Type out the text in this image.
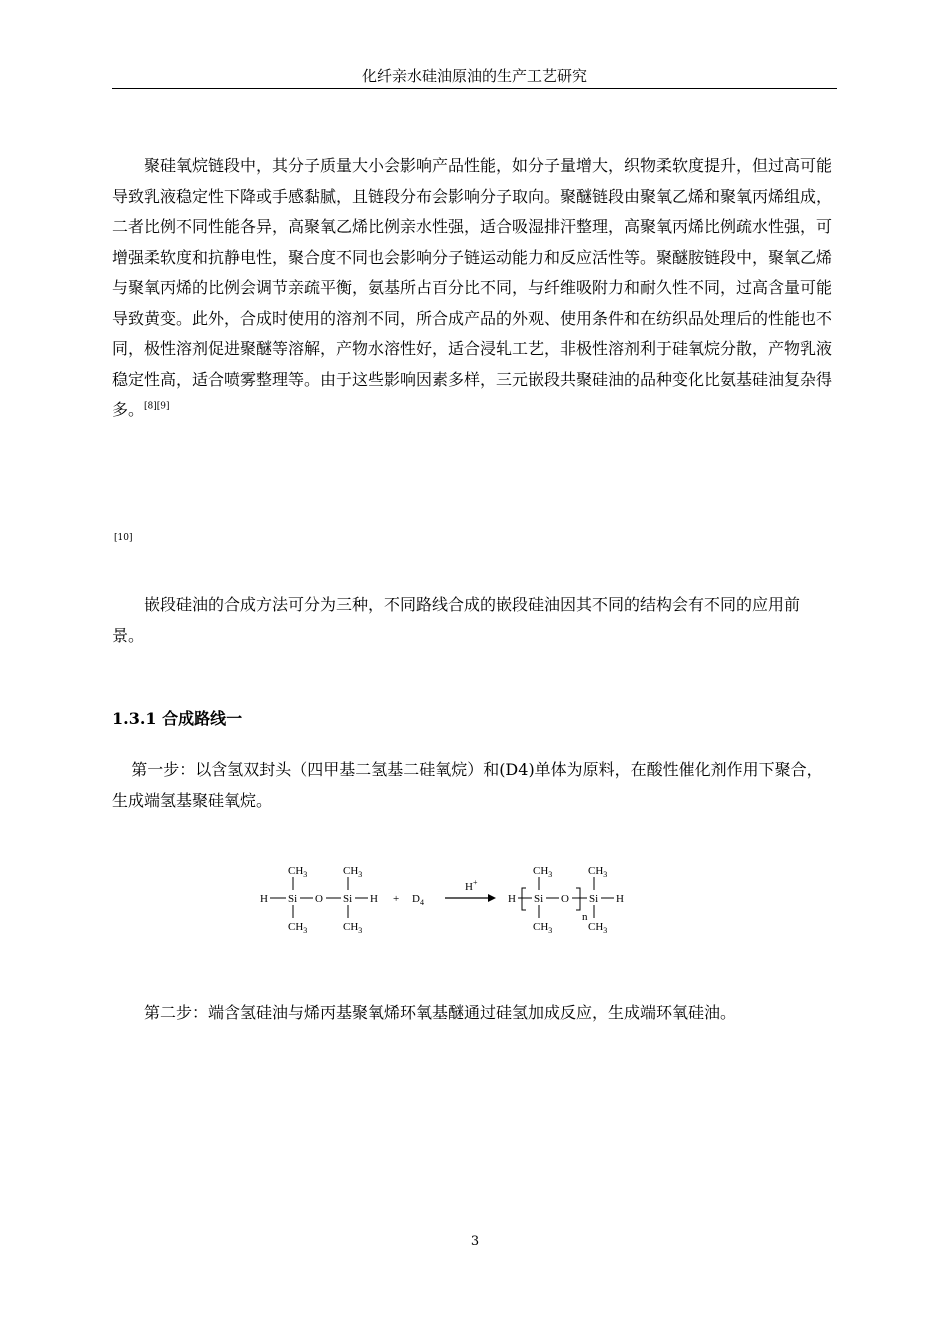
化纤亲水硅油原油的生产工艺研究

聚硅氧烷链段中，其分子质量大小会影响产品性能，如分子量增大，织物柔软度提升，但过高可能导致乳液稳定性下降或手感黏腻，且链段分布会影响分子取向。聚醚链段由聚氧乙烯和聚氧丙烯组成，二者比例不同性能各异，高聚氧乙烯比例亲水性强，适合吸湿排汗整理，高聚氧丙烯比例疏水性强，可增强柔软度和抗静电性，聚合度不同也会影响分子链运动能力和反应活性等。聚醚胺链段中，聚氧乙烯与聚氧丙烯的比例会调节亲疏平衡，氨基所占百分比不同，与纤维吸附力和耐久性不同，过高含量可能导致黄变。此外，合成时使用的溶剂不同，所合成产品的外观、使用条件和在纺织品处理后的性能也不同，极性溶剂促进聚醚等溶解，产物水溶性好，适合浸轧工艺，非极性溶剂利于硅氧烷分散，产物乳液稳定性高，适合喷雾整理等。由于这些影响因素多样，三元嵌段共聚硅油的品种变化比氨基硅油复杂得多。[8][9]

[10]

嵌段硅油的合成方法可分为三种，不同路线合成的嵌段硅油因其不同的结构会有不同的应用前景。

1.3.1 合成路线一

第一步：以含氢双封头（四甲基二氢基二硅氧烷）和(D4)单体为原料，在酸性催化剂作用下聚合，生成端氢基聚硅氧烷。

$CH_3$	$CH_3$
H Si O Si H
$CH_3$	$CH_3$
+ $D_4$
H+
$CH_3$	$CH_3$
H Si O Si H
$CH_3$	$CH_3$
n

第二步：端含氢硅油与烯丙基聚氧烯环氧基醚通过硅氢加成反应，生成端环氧硅油。

3
